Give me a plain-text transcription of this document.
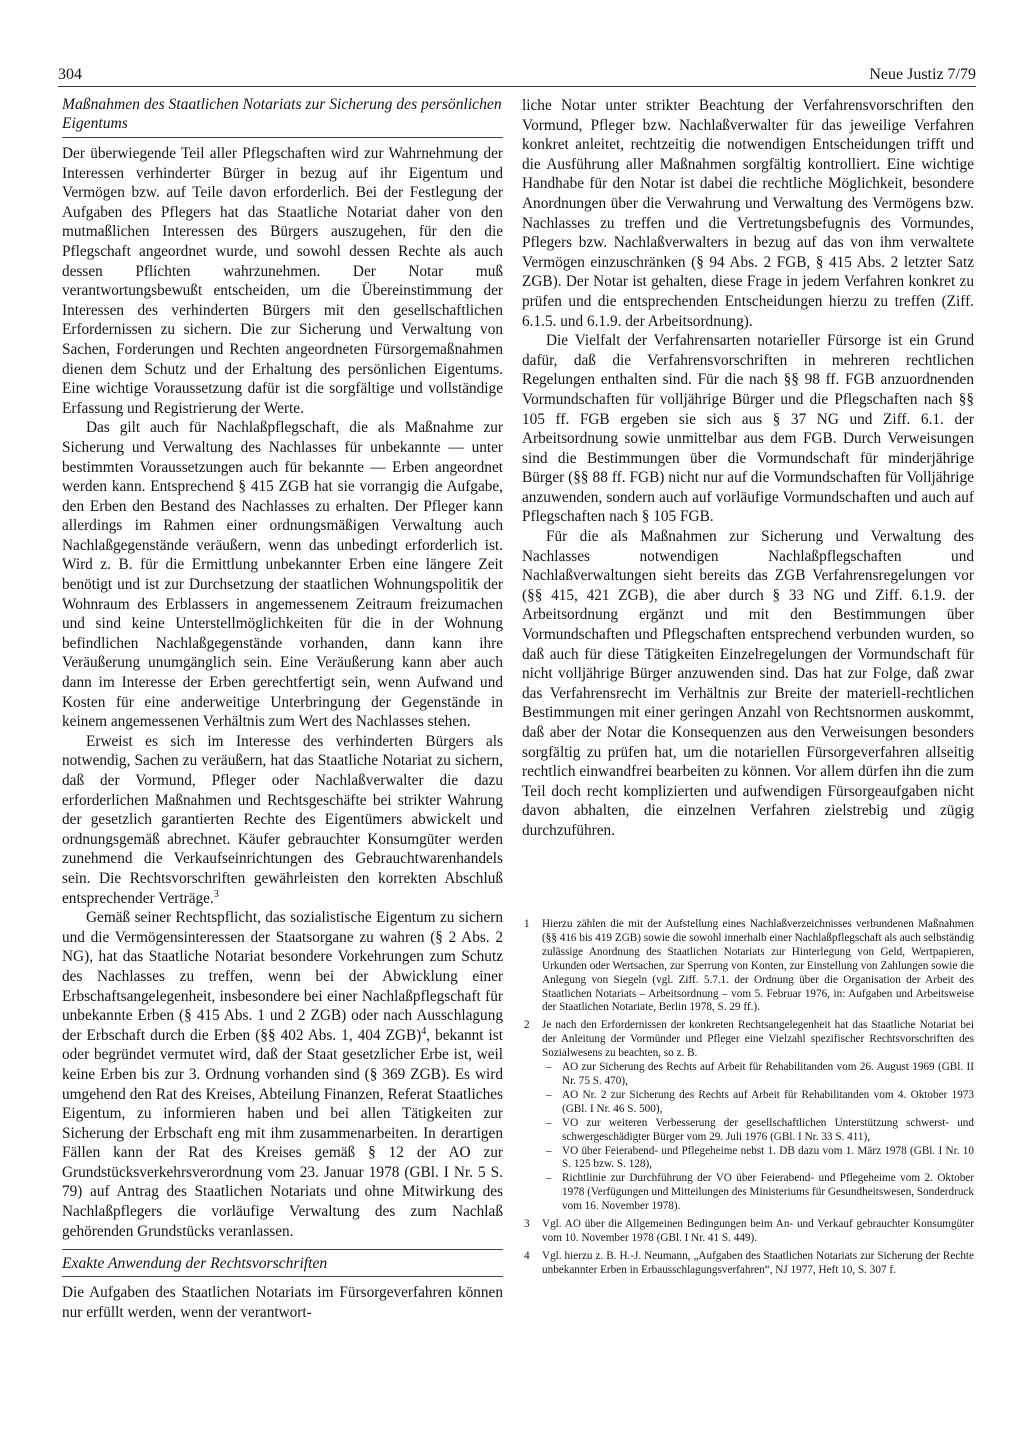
304	Neue Justiz 7/79
Maßnahmen des Staatlichen Notariats zur Sicherung des persönlichen Eigentums

Der überwiegende Teil aller Pflegschaften wird zur Wahrnehmung der Interessen verhinderter Bürger in bezug auf ihr Eigentum und Vermögen bzw. auf Teile davon erforderlich. Bei der Festlegung der Aufgaben des Pflegers hat das Staatliche Notariat daher von den mutmaßlichen Interessen des Bürgers auszugehen, für den die Pflegschaft angeordnet wurde, und sowohl dessen Rechte als auch dessen Pflichten wahrzunehmen. Der Notar muß verantwortungsbewußt entscheiden, um die Übereinstimmung der Interessen des verhinderten Bürgers mit den gesellschaftlichen Erfordernissen zu sichern. Die zur Sicherung und Verwaltung von Sachen, Forderungen und Rechten angeordneten Fürsorgemaßnahmen dienen dem Schutz und der Erhaltung des persönlichen Eigentums. Eine wichtige Voraussetzung dafür ist die sorgfältige und vollständige Erfassung und Registrierung der Werte.

Das gilt auch für Nachlaßpflegschaft, die als Maßnahme zur Sicherung und Verwaltung des Nachlasses für unbekannte — unter bestimmten Voraussetzungen auch für bekannte — Erben angeordnet werden kann. Entsprechend § 415 ZGB hat sie vorrangig die Aufgabe, den Erben den Bestand des Nachlasses zu erhalten. Der Pfleger kann allerdings im Rahmen einer ordnungsmäßigen Verwaltung auch Nachlaßgegenstände veräußern, wenn das unbedingt erforderlich ist. Wird z. B. für die Ermittlung unbekannter Erben eine längere Zeit benötigt und ist zur Durchsetzung der staatlichen Wohnungspolitik der Wohnraum des Erblassers in angemessenem Zeitraum freizumachen und sind keine Unterstellmöglichkeiten für die in der Wohnung befindlichen Nachlaßgegenstände vorhanden, dann kann ihre Veräußerung unumgänglich sein. Eine Veräußerung kann aber auch dann im Interesse der Erben gerechtfertigt sein, wenn Aufwand und Kosten für eine anderweitige Unterbringung der Gegenstände in keinem angemessenen Verhältnis zum Wert des Nachlasses stehen.

Erweist es sich im Interesse des verhinderten Bürgers als notwendig, Sachen zu veräußern, hat das Staatliche Notariat zu sichern, daß der Vormund, Pfleger oder Nachlaßverwalter die dazu erforderlichen Maßnahmen und Rechtsgeschäfte bei strikter Wahrung der gesetzlich garantierten Rechte des Eigentümers abwickelt und ordnungsgemäß abrechnet. Käufer gebrauchter Konsumgüter werden zunehmend die Verkaufseinrichtungen des Gebrauchtwarenhandels sein. Die Rechtsvorschriften gewährleisten den korrekten Abschluß entsprechender Verträge.$^3$

Gemäß seiner Rechtspflicht, das sozialistische Eigentum zu sichern und die Vermögensinteressen der Staatsorgane zu wahren (§ 2 Abs. 2 NG), hat das Staatliche Notariat besondere Vorkehrungen zum Schutz des Nachlasses zu treffen, wenn bei der Abwicklung einer Erbschaftsangelegenheit, insbesondere bei einer Nachlaßpflegschaft für unbekannte Erben (§ 415 Abs. 1 und 2 ZGB) oder nach Ausschlagung der Erbschaft durch die Erben (§§ 402 Abs. 1, 404 ZGB)$^4$, bekannt ist oder begründet vermutet wird, daß der Staat gesetzlicher Erbe ist, weil keine Erben bis zur 3. Ordnung vorhanden sind (§ 369 ZGB). Es wird umgehend den Rat des Kreises, Abteilung Finanzen, Referat Staatliches Eigentum, zu informieren haben und bei allen Tätigkeiten zur Sicherung der Erbschaft eng mit ihm zusammenarbeiten. In derartigen Fällen kann der Rat des Kreises gemäß § 12 der AO zur Grundstücksverkehrsverordnung vom 23. Januar 1978 (GBl. I Nr. 5 S. 79) auf Antrag des Staatlichen Notariats und ohne Mitwirkung des Nachlaßpflegers die vorläufige Verwaltung des zum Nachlaß gehörenden Grundstücks veranlassen.

Exakte Anwendung der Rechtsvorschriften

Die Aufgaben des Staatlichen Notariats im Fürsorgeverfahren können nur erfüllt werden, wenn der verantwort-

liche Notar unter strikter Beachtung der Verfahrensvorschriften den Vormund, Pfleger bzw. Nachlaßverwalter für das jeweilige Verfahren konkret anleitet, rechtzeitig die notwendigen Entscheidungen trifft und die Ausführung aller Maßnahmen sorgfältig kontrolliert. Eine wichtige Handhabe für den Notar ist dabei die rechtliche Möglichkeit, besondere Anordnungen über die Verwahrung und Verwaltung des Vermögens bzw. Nachlasses zu treffen und die Vertretungsbefugnis des Vormundes, Pflegers bzw. Nachlaßverwalters in bezug auf das von ihm verwaltete Vermögen einzuschränken (§ 94 Abs. 2 FGB, § 415 Abs. 2 letzter Satz ZGB). Der Notar ist gehalten, diese Frage in jedem Verfahren konkret zu prüfen und die entsprechenden Entscheidungen hierzu zu treffen (Ziff. 6.1.5. und 6.1.9. der Arbeitsordnung).

Die Vielfalt der Verfahrensarten notarieller Fürsorge ist ein Grund dafür, daß die Verfahrensvorschriften in mehreren rechtlichen Regelungen enthalten sind. Für die nach §§ 98 ff. FGB anzuordnenden Vormundschaften für volljährige Bürger und die Pflegschaften nach §§ 105 ff. FGB ergeben sie sich aus § 37 NG und Ziff. 6.1. der Arbeitsordnung sowie unmittelbar aus dem FGB. Durch Verweisungen sind die Bestimmungen über die Vormundschaft für minderjährige Bürger (§§ 88 ff. FGB) nicht nur auf die Vormundschaften für Volljährige anzuwenden, sondern auch auf vorläufige Vormundschaften und auch auf Pflegschaften nach § 105 FGB.

Für die als Maßnahmen zur Sicherung und Verwaltung des Nachlasses notwendigen Nachlaßpflegschaften und Nachlaßverwaltungen sieht bereits das ZGB Verfahrensregelungen vor (§§ 415, 421 ZGB), die aber durch § 33 NG und Ziff. 6.1.9. der Arbeitsordnung ergänzt und mit den Bestimmungen über Vormundschaften und Pflegschaften entsprechend verbunden wurden, so daß auch für diese Tätigkeiten Einzelregelungen der Vormundschaft für nicht volljährige Bürger anzuwenden sind. Das hat zur Folge, daß zwar das Verfahrensrecht im Verhältnis zur Breite der materiell-rechtlichen Bestimmungen mit einer geringen Anzahl von Rechtsnormen auskommt, daß aber der Notar die Konsequenzen aus den Verweisungen besonders sorgfältig zu prüfen hat, um die notariellen Fürsorgeverfahren allseitig rechtlich einwandfrei bearbeiten zu können. Vor allem dürfen ihn die zum Teil doch recht komplizierten und aufwendigen Fürsorgeaufgaben nicht davon abhalten, die einzelnen Verfahren zielstrebig und zügig durchzuführen.

1 Hierzu zählen die mit der Aufstellung eines Nachlaßverzeichnisses verbundenen Maßnahmen (§§ 416 bis 419 ZGB) sowie die sowohl innerhalb einer Nachlaßpflegschaft als auch selbständig zulässige Anordnung des Staatlichen Notariats zur Hinterlegung von Geld, Wertpapieren, Urkunden oder Wertsachen, zur Sperrung von Konten, zur Einstellung von Zahlungen sowie die Anlegung von Siegeln (vgl. Ziff. 5.7.1. der Ordnung über die Organisation der Arbeit des Staatlichen Notariats – Arbeitsordnung – vom 5. Februar 1976, in: Aufgaben und Arbeitsweise der Staatlichen Notariate, Berlin 1978, S. 29 ff.).
2 Je nach den Erfordernissen der konkreten Rechtsangelegenheit hat das Staatliche Notariat bei der Anleitung der Vormünder und Pfleger eine Vielzahl spezifischer Rechtsvorschriften des Sozialwesens zu beachten, so z. B.
– AO zur Sicherung des Rechts auf Arbeit für Rehabilitanden vom 26. August 1969 (GBl. II Nr. 75 S. 470),
– AO Nr. 2 zur Sicherung des Rechts auf Arbeit für Rehabilitanden vom 4. Oktober 1973 (GBl. I Nr. 46 S. 500),
– VO zur weiteren Verbesserung der gesellschaftlichen Unterstützung schwerst- und schwergeschädigter Bürger vom 29. Juli 1976 (GBl. I Nr. 33 S. 411),
– VO über Feierabend- und Pflegeheime nebst 1. DB dazu vom 1. März 1978 (GBl. I Nr. 10 S. 125 bzw. S. 128),
– Richtlinie zur Durchführung der VO über Feierabend- und Pflegeheime vom 2. Oktober 1978 (Verfügungen und Mitteilungen des Ministeriums für Gesundheitswesen, Sonderdruck vom 16. November 1978).
3 Vgl. AO über die Allgemeinen Bedingungen beim An- und Verkauf gebrauchter Konsumgüter vom 10. November 1978 (GBl. I Nr. 41 S. 449).
4 Vgl. hierzu z. B. H.-J. Neumann, „Aufgaben des Staatlichen Notariats zur Sicherung der Rechte unbekannter Erben in Erbausschlagungsverfahren“, NJ 1977, Heft 10, S. 307 f.
